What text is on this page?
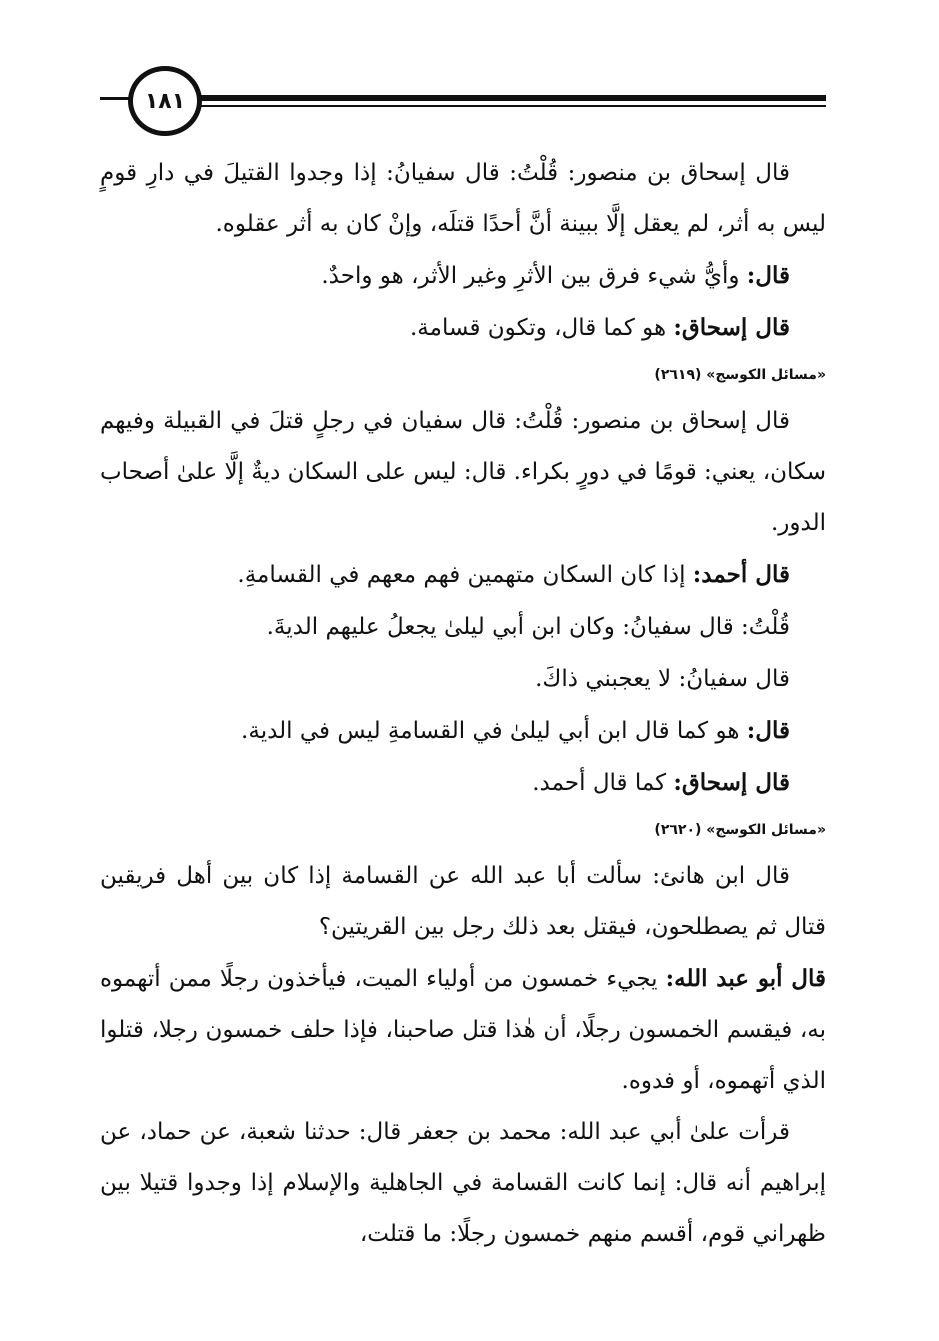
١٨١

قال إسحاق بن منصور: قُلْتُ: قال سفيانُ: إذا وجدوا القتيلَ في دارِ قومٍ ليس به أثر، لم يعقل إلَّا ببينة أنَّ أحدًا قتلَه، وإنْ كان به أثر عقلوه.

قال: وأيُّ شيء فرق بين الأثرِ وغير الأثر، هو واحدٌ.

قال إسحاق: هو كما قال، وتكون قسامة.

«مسائل الكوسج» (٢٦١٩)

قال إسحاق بن منصور: قُلْتُ: قال سفيان في رجلٍ قتلَ في القبيلة وفيهم سكان، يعني: قومًا في دورٍ بكراء. قال: ليس على السكان ديةٌ إلَّا علىٰ أصحاب الدور.

قال أحمد: إذا كان السكان متهمين فهم معهم في القسامةِ.

قُلْتُ: قال سفيانُ: وكان ابن أبي ليلىٰ يجعلُ عليهم الديةَ.

قال سفيانُ: لا يعجبني ذاكَ.

قال: هو كما قال ابن أبي ليلىٰ في القسامةِ ليس في الدية.

قال إسحاق: كما قال أحمد.

«مسائل الكوسج» (٢٦٢٠)

قال ابن هانئ: سألت أبا عبد الله عن القسامة إذا كان بين أهل فريقين قتال ثم يصطلحون، فيقتل بعد ذلك رجل بين القريتين؟

قال أبو عبد الله: يجيء خمسون من أولياء الميت، فيأخذون رجلًا ممن أتهموه به، فيقسم الخمسون رجلًا، أن هٰذا قتل صاحبنا، فإذا حلف خمسون رجلا، قتلوا الذي أتهموه، أو فدوه.

قرأت علىٰ أبي عبد الله: محمد بن جعفر قال: حدثنا شعبة، عن حماد، عن إبراهيم أنه قال: إنما كانت القسامة في الجاهلية والإسلام إذا وجدوا قتيلا بين ظهراني قوم، أقسم منهم خمسون رجلًا: ما قتلت،
